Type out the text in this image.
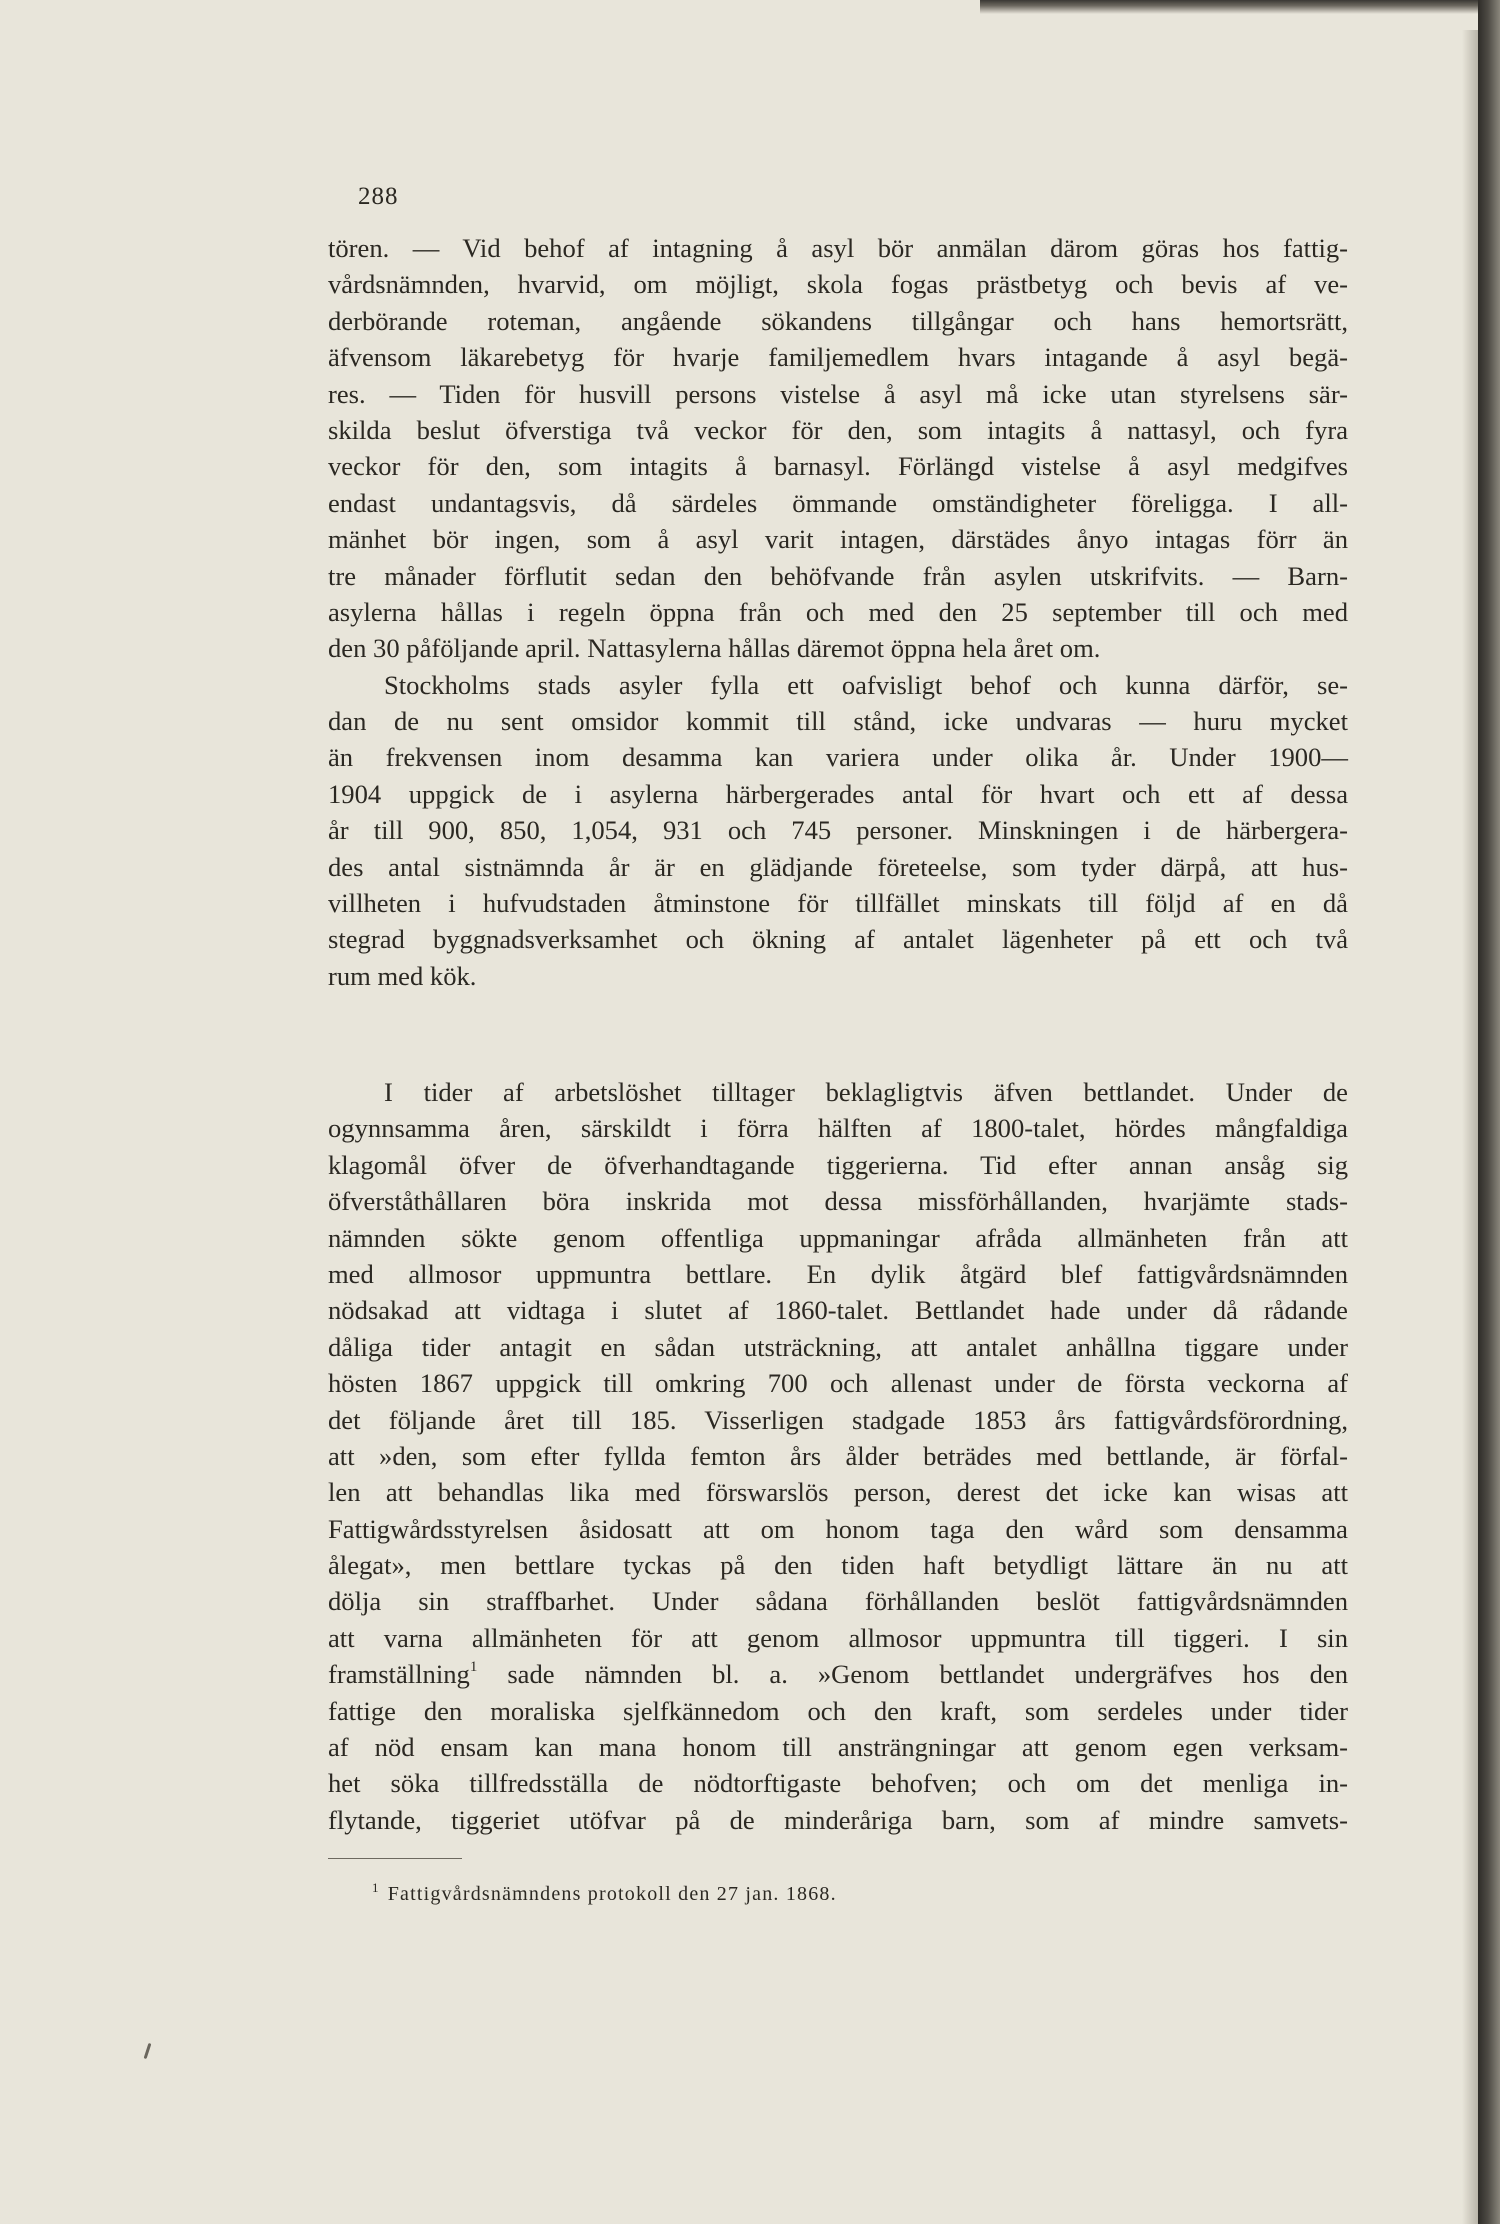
288
tören. — Vid behof af intagning å asyl bör anmälan därom göras hos fattig-
vårdsnämnden, hvarvid, om möjligt, skola fogas prästbetyg och bevis af ve-
derbörande roteman, angående sökandens tillgångar och hans hemortsrätt,
äfvensom läkarebetyg för hvarje familjemedlem hvars intagande å asyl begä-
res. — Tiden för husvill persons vistelse å asyl må icke utan styrelsens sär-
skilda beslut öfverstiga två veckor för den, som intagits å nattasyl, och fyra
veckor för den, som intagits å barnasyl. Förlängd vistelse å asyl medgifves
endast undantagsvis, då särdeles ömmande omständigheter föreligga. I all-
mänhet bör ingen, som å asyl varit intagen, därstädes ånyo intagas förr än
tre månader förflutit sedan den behöfvande från asylen utskrifvits. — Barn-
asylerna hållas i regeln öppna från och med den 25 september till och med
den 30 påföljande april. Nattasylerna hållas däremot öppna hela året om.
Stockholms stads asyler fylla ett oafvisligt behof och kunna därför, se-
dan de nu sent omsidor kommit till stånd, icke undvaras — huru mycket
än frekvensen inom desamma kan variera under olika år. Under 1900—
1904 uppgick de i asylerna härbergerades antal för hvart och ett af dessa
år till 900, 850, 1,054, 931 och 745 personer. Minskningen i de härbergera-
des antal sistnämnda år är en glädjande företeelse, som tyder därpå, att hus-
villheten i hufvudstaden åtminstone för tillfället minskats till följd af en då
stegrad byggnadsverksamhet och ökning af antalet lägenheter på ett och två
rum med kök.
I tider af arbetslöshet tilltager beklagligtvis äfven bettlandet. Under de
ogynnsamma åren, särskildt i förra hälften af 1800-talet, hördes mångfaldiga
klagomål öfver de öfverhandtagande tiggerierna. Tid efter annan ansåg sig
öfverståthållaren böra inskrida mot dessa missförhållanden, hvarjämte stads-
nämnden sökte genom offentliga uppmaningar afråda allmänheten från att
med allmosor uppmuntra bettlare. En dylik åtgärd blef fattigvårdsnämnden
nödsakad att vidtaga i slutet af 1860-talet. Bettlandet hade under då rådande
dåliga tider antagit en sådan utsträckning, att antalet anhållna tiggare under
hösten 1867 uppgick till omkring 700 och allenast under de första veckorna af
det följande året till 185. Visserligen stadgade 1853 års fattigvårdsförordning,
att »den, som efter fyllda femton års ålder beträdes med bettlande, är förfal-
len att behandlas lika med förswarslös person, derest det icke kan wisas att
Fattigwårdsstyrelsen åsidosatt att om honom taga den wård som densamma
ålegat», men bettlare tyckas på den tiden haft betydligt lättare än nu att
dölja sin straffbarhet. Under sådana förhållanden beslöt fattigvårdsnämnden
att varna allmänheten för att genom allmosor uppmuntra till tiggeri. I sin
framställning$^1$ sade nämnden bl. a. »Genom bettlandet undergräfves hos den
fattige den moraliska sjelfkännedom och den kraft, som serdeles under tider
af nöd ensam kan mana honom till ansträngningar att genom egen verksam-
het söka tillfredsställa de nödtorftigaste behofven; och om det menliga in-
flytande, tiggeriet utöfvar på de minderåriga barn, som af mindre samvets-
$^1$ Fattigvårdsnämndens protokoll den 27 jan. 1868.
